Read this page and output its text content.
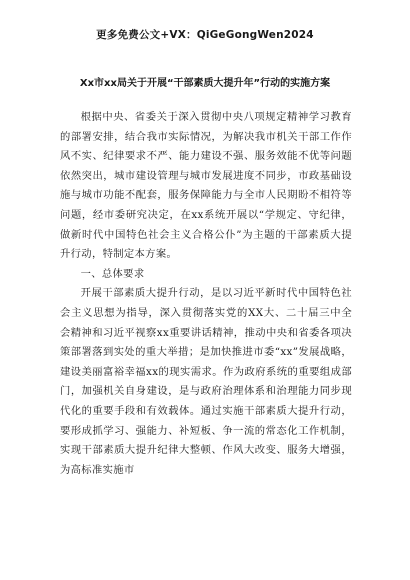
更多免费公文+VX：QiGeGongWen2024
Xx市xx局关于开展“干部素质大提升年”行动的实施方案

根据中央、省委关于深入贯彻中央八项规定精神学习教育的部署安排，结合我市实际情况，为解决我市机关干部工作作风不实、纪律要求不严、能力建设不强、服务效能不优等问题依然突出，城市建设管理与城市发展进度不同步，市政基础设施与城市功能不配套，服务保障能力与全市人民期盼不相符等问题，经市委研究决定，在xx系统开展以“学规定、守纪律，做新时代中国特色社会主义合格公仆”为主题的干部素质大提升行动，特制定本方案。

一、总体要求

开展干部素质大提升行动，是以习近平新时代中国特色社会主义思想为指导，深入贯彻落实党的XX大、二十届三中全会精神和习近平视察xx重要讲话精神，推动中央和省委各项决策部署落到实处的重大举措；是加快推进市委“xx”发展战略，建设美丽富裕幸福xx的现实需求。作为政府系统的重要组成部门，加强机关自身建设，是与政府治理体系和治理能力同步现代化的重要手段和有效载体。通过实施干部素质大提升行动，要形成抓学习、强能力、补短板、争一流的常态化工作机制，实现干部素质大提升纪律大整顿、作风大改变、服务大增强，为高标准实施市
